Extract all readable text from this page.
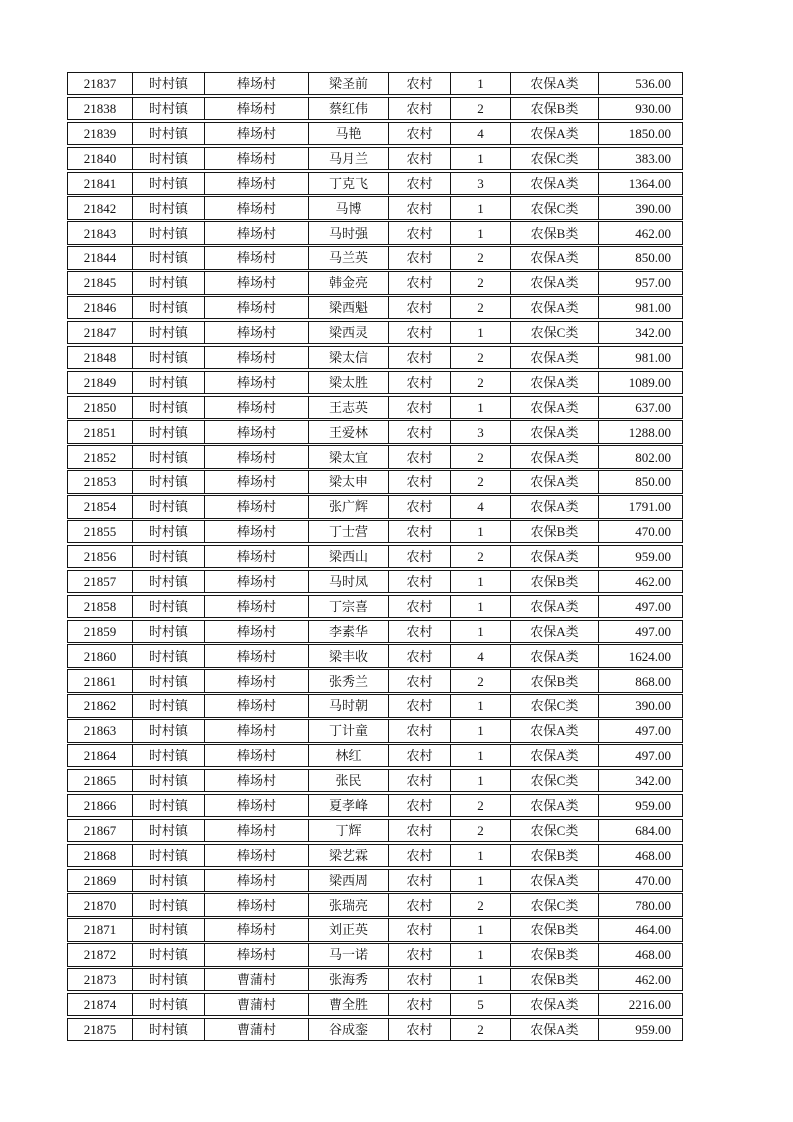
21837	时村镇	棒场村	梁圣前	农村	1	农保A类	536.00
21838	时村镇	棒场村	蔡红伟	农村	2	农保B类	930.00
21839	时村镇	棒场村	马艳	农村	4	农保A类	1850.00
21840	时村镇	棒场村	马月兰	农村	1	农保C类	383.00
21841	时村镇	棒场村	丁克飞	农村	3	农保A类	1364.00
21842	时村镇	棒场村	马博	农村	1	农保C类	390.00
21843	时村镇	棒场村	马时强	农村	1	农保B类	462.00
21844	时村镇	棒场村	马兰英	农村	2	农保A类	850.00
21845	时村镇	棒场村	韩金亮	农村	2	农保A类	957.00
21846	时村镇	棒场村	梁西魁	农村	2	农保A类	981.00
21847	时村镇	棒场村	梁西灵	农村	1	农保C类	342.00
21848	时村镇	棒场村	梁太信	农村	2	农保A类	981.00
21849	时村镇	棒场村	梁太胜	农村	2	农保A类	1089.00
21850	时村镇	棒场村	王志英	农村	1	农保A类	637.00
21851	时村镇	棒场村	王爱林	农村	3	农保A类	1288.00
21852	时村镇	棒场村	梁太宜	农村	2	农保A类	802.00
21853	时村镇	棒场村	梁太申	农村	2	农保A类	850.00
21854	时村镇	棒场村	张广辉	农村	4	农保A类	1791.00
21855	时村镇	棒场村	丁士营	农村	1	农保B类	470.00
21856	时村镇	棒场村	梁西山	农村	2	农保A类	959.00
21857	时村镇	棒场村	马时凤	农村	1	农保B类	462.00
21858	时村镇	棒场村	丁宗喜	农村	1	农保A类	497.00
21859	时村镇	棒场村	李素华	农村	1	农保A类	497.00
21860	时村镇	棒场村	梁丰收	农村	4	农保A类	1624.00
21861	时村镇	棒场村	张秀兰	农村	2	农保B类	868.00
21862	时村镇	棒场村	马时朝	农村	1	农保C类	390.00
21863	时村镇	棒场村	丁计童	农村	1	农保A类	497.00
21864	时村镇	棒场村	林红	农村	1	农保A类	497.00
21865	时村镇	棒场村	张民	农村	1	农保C类	342.00
21866	时村镇	棒场村	夏孝峰	农村	2	农保A类	959.00
21867	时村镇	棒场村	丁辉	农村	2	农保C类	684.00
21868	时村镇	棒场村	梁艺霖	农村	1	农保B类	468.00
21869	时村镇	棒场村	梁西周	农村	1	农保A类	470.00
21870	时村镇	棒场村	张瑞亮	农村	2	农保C类	780.00
21871	时村镇	棒场村	刘正英	农村	1	农保B类	464.00
21872	时村镇	棒场村	马一诺	农村	1	农保B类	468.00
21873	时村镇	曹蒲村	张海秀	农村	1	农保B类	462.00
21874	时村镇	曹蒲村	曹全胜	农村	5	农保A类	2216.00
21875	时村镇	曹蒲村	谷成銮	农村	2	农保A类	959.00
